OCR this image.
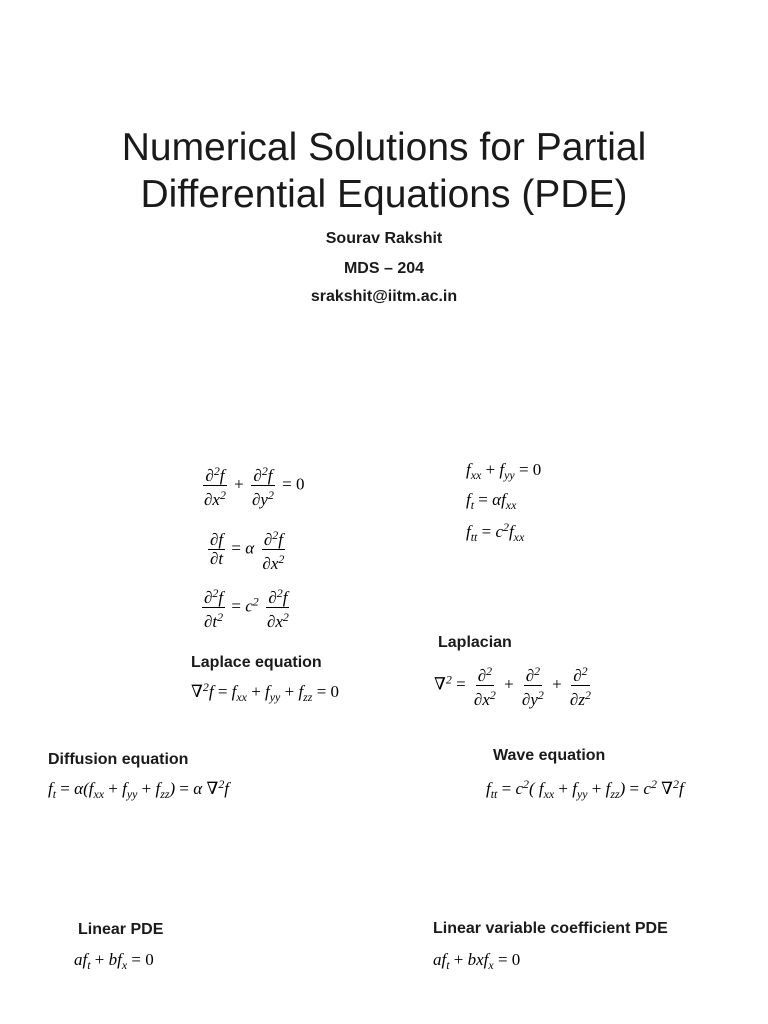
Numerical Solutions for Partial
Differential Equations (PDE)
Sourav Rakshit
MDS – 204
srakshit@iitm.ac.in
$\frac{\partial^2f}{\partial x^2} + \frac{\partial^2f}{\partial y^2} = 0$
$\frac{\partial f}{\partial t} = \alpha \frac{\partial^2f}{\partial x^2}$
$\frac{\partial^2f}{\partial t^2} = c^2 \frac{\partial^2f}{\partial x^2}$
$f_{xx} + f_{yy} = 0$
$f_t = \alpha f_{xx}$
$f_{tt} = c^2f_{xx}$
Laplacian
$\nabla^2 = \frac{\partial^2}{\partial x^2} + \frac{\partial^2}{\partial y^2} + \frac{\partial^2}{\partial z^2}$
Laplace equation
$\nabla^2f = f_{xx} + f_{yy} + f_{zz} = 0$
Diffusion equation
$f_t = \alpha(f_{xx} + f_{yy} + f_{zz}) = \alpha$ ∇$^2$f
Wave equation
$f_{tt} = c^2$( $f_{xx} + f_{yy} + f_{zz}) = c^2$ ∇$^2$f
Linear PDE
$af_t + bf_x = 0$
Linear variable coefficient PDE
$af_t + bxf_x = 0$
